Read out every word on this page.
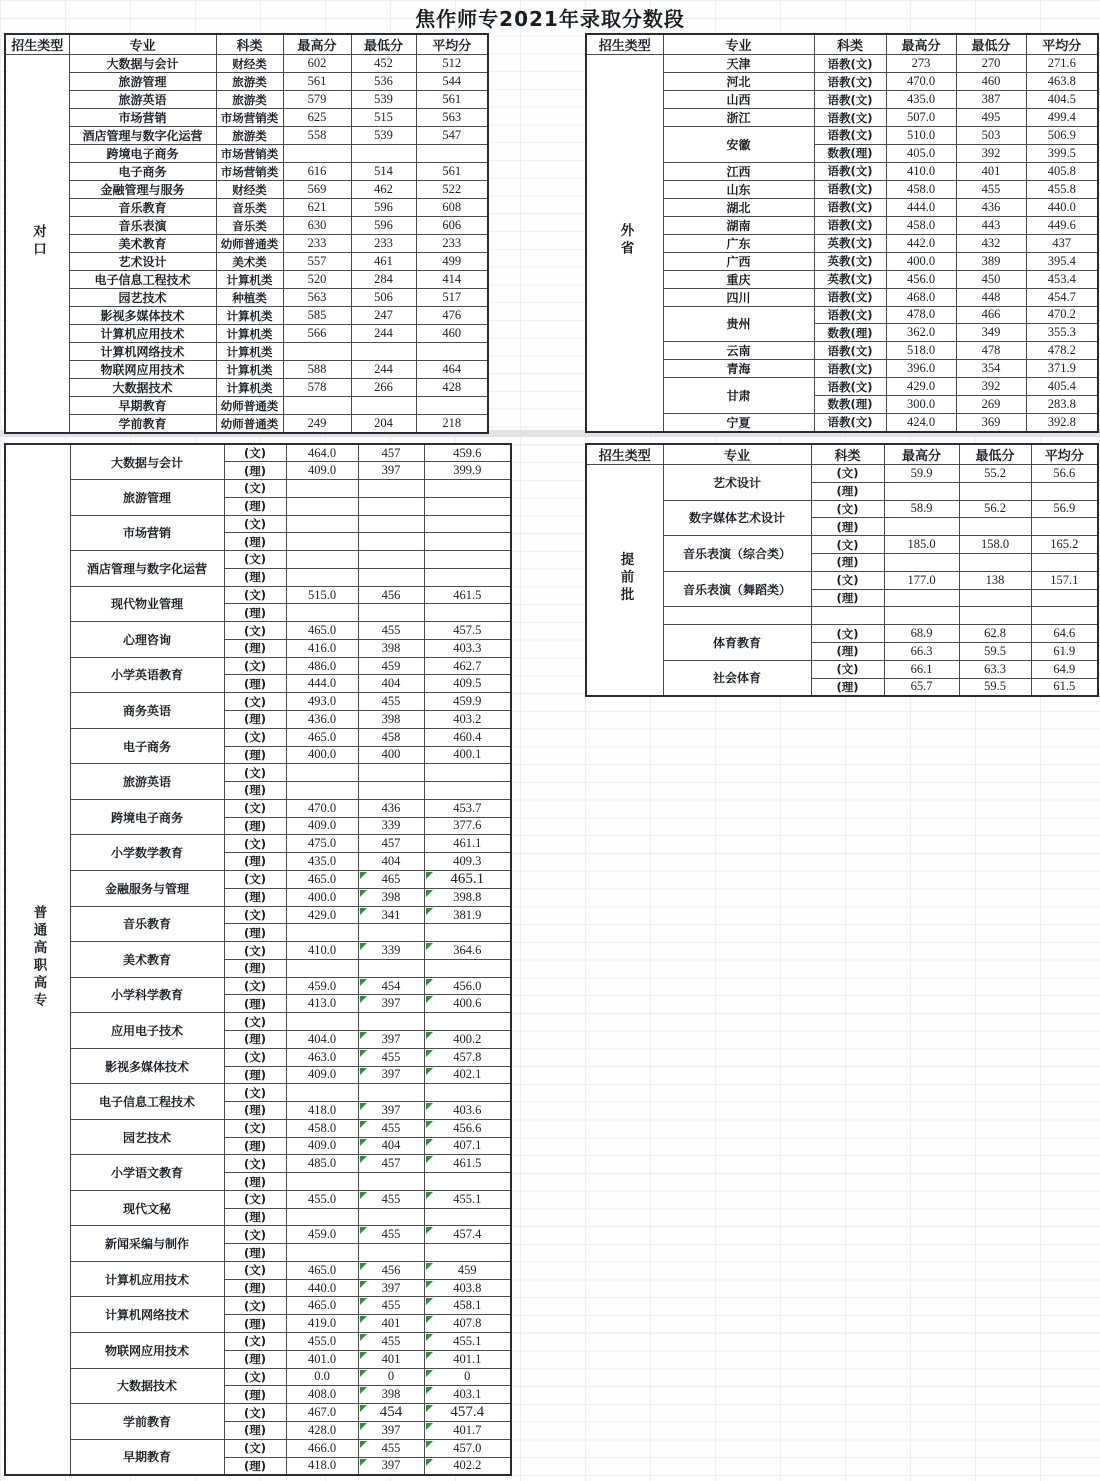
焦作师专2021年录取分数段
招生类型	专业	科类	最高分	最低分	平均分
对口	大数据与会计	财经类	602	452	512
	旅游管理	旅游类	561	536	544
	旅游英语	旅游类	579	539	561
	市场营销	市场营销类	625	515	563
	酒店管理与数字化运营	旅游类	558	539	547
	跨境电子商务	市场营销类			
	电子商务	市场营销类	616	514	561
	金融管理与服务	财经类	569	462	522
	音乐教育	音乐类	621	596	608
	音乐表演	音乐类	630	596	606
	美术教育	幼师普通类	233	233	233
	艺术设计	美术类	557	461	499
	电子信息工程技术	计算机类	520	284	414
	园艺技术	种植类	563	506	517
	影视多媒体技术	计算机类	585	247	476
	计算机应用技术	计算机类	566	244	460
	计算机网络技术	计算机类			
	物联网应用技术	计算机类	588	244	464
	大数据技术	计算机类	578	266	428
	早期教育	幼师普通类			
	学前教育	幼师普通类	249	204	218
招生类型	专业	科类	最高分	最低分	平均分
外省	天津	语教(文)	273	270	271.6
	河北	语教(文)	470.0	460	463.8
	山西	语教(文)	435.0	387	404.5
	浙江	语教(文)	507.0	495	499.4
	安徽	语教(文)	510.0	503	506.9
		数教(理)	405.0	392	399.5
	江西	语教(文)	410.0	401	405.8
	山东	语教(文)	458.0	455	455.8
	湖北	语教(文)	444.0	436	440.0
	湖南	语教(文)	458.0	443	449.6
	广东	英教(文)	442.0	432	437
	广西	英教(文)	400.0	389	395.4
	重庆	英教(文)	456.0	450	453.4
	四川	语教(文)	468.0	448	454.7
	贵州	语教(文)	478.0	466	470.2
		数教(理)	362.0	349	355.3
	云南	语教(文)	518.0	478	478.2
	青海	语教(文)	396.0	354	371.9
	甘肃	语教(文)	429.0	392	405.4
		数教(理)	300.0	269	283.8
	宁夏	语教(文)	424.0	369	392.8
普通高职高专	大数据与会计	(文)	464.0	457	459.6
		(理)	409.0	397	399.9
	旅游管理	(文)			
		(理)			
	市场营销	(文)			
		(理)			
	酒店管理与数字化运营	(文)			
		(理)			
	现代物业管理	(文)	515.0	456	461.5
		(理)			
	心理咨询	(文)	465.0	455	457.5
		(理)	416.0	398	403.3
	小学英语教育	(文)	486.0	459	462.7
		(理)	444.0	404	409.5
	商务英语	(文)	493.0	455	459.9
		(理)	436.0	398	403.2
	电子商务	(文)	465.0	458	460.4
		(理)	400.0	400	400.1
	旅游英语	(文)			
		(理)			
	跨境电子商务	(文)	470.0	436	453.7
		(理)	409.0	339	377.6
	小学数学教育	(文)	475.0	457	461.1
		(理)	435.0	404	409.3
	金融服务与管理	(文)	465.0	465	465.1
		(理)	400.0	398	398.8
	音乐教育	(文)	429.0	341	381.9
		(理)			
	美术教育	(文)	410.0	339	364.6
		(理)			
	小学科学教育	(文)	459.0	454	456.0
		(理)	413.0	397	400.6
	应用电子技术	(文)			
		(理)	404.0	397	400.2
	影视多媒体技术	(文)	463.0	455	457.8
		(理)	409.0	397	402.1
	电子信息工程技术	(文)			
		(理)	418.0	397	403.6
	园艺技术	(文)	458.0	455	456.6
		(理)	409.0	404	407.1
	小学语文教育	(文)	485.0	457	461.5
		(理)			
	现代文秘	(文)	455.0	455	455.1
		(理)			
	新闻采编与制作	(文)	459.0	455	457.4
		(理)			
	计算机应用技术	(文)	465.0	456	459
		(理)	440.0	397	403.8
	计算机网络技术	(文)	465.0	455	458.1
		(理)	419.0	401	407.8
	物联网应用技术	(文)	455.0	455	455.1
		(理)	401.0	401	401.1
	大数据技术	(文)	0.0	0	0
		(理)	408.0	398	403.1
	学前教育	(文)	467.0	454	457.4
		(理)	428.0	397	401.7
	早期教育	(文)	466.0	455	457.0
		(理)	418.0	397	402.2
招生类型	专业	科类	最高分	最低分	平均分
提前批	艺术设计	(文)	59.9	55.2	56.6
		(理)			
	数字媒体艺术设计	(文)	58.9	56.2	56.9
		(理)			
	音乐表演（综合类）	(文)	185.0	158.0	165.2
		(理)			
	音乐表演（舞蹈类）	(文)	177.0	138	157.1
		(理)			

	体育教育	(文)	68.9	62.8	64.6
		(理)	66.3	59.5	61.9
	社会体育	(文)	66.1	63.3	64.9
		(理)	65.7	59.5	61.5
